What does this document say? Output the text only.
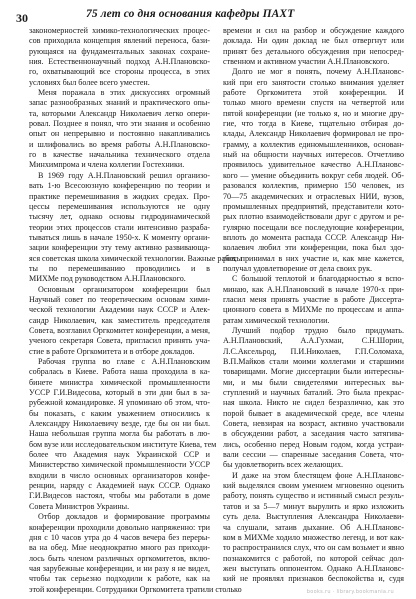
30	75 лет со дня основания кафедры ПАХТ
закономерностей химико-технологических процес-
сов приходила концепция явлений переноса, бази-
рующаяся на фундаментальных законах сохране-
ния. Естественнонаучный подход А.Н.Плановско-
го, охватывающий все стороны процесса, в этих
условиях был более всего уместен.
Меня поражала в этих дискуссиях огромный
запас разнообразных знаний и практического опы-
та, которыми Александр Николаевич легко опери-
ровал. Позднее я понял, что эти знания и особенно
опыт он непрерывно и постоянно накапливались
и шлифовались во время работы А.Н.Плановско-
го в качестве начальника технического отдела
Минхимпрома и члена коллегии Гостехники.
В 1969 году А.Н.Плановский решил организо-
вать 1-ю Всесоюзную конференцию по теории и
практике перемешивания в жидких средах. Про-
цессы перемешивания используются не одну
тысячу лет, однако основы гидродинамической
теории этих процессов стали интенсивно разраба-
тываться лишь в начале 1950-х. К моменту органи-
зации конференции эту тему активно развивающа-
яся советская школа химической технологии. Важные работы
ты по перемешиванию проводились и в
МИХМе под руководством А.Н.Плановского.
Основным организатором конференции был
Научный совет по теоретическим основам хими-
ческой технологии Академии наук СССР и Алек-
сандр Николаевич, как заместитель председателя
Совета, возглавил Оргкомитет конференции, а меня,
ученого секретаря Совета, пригласил принять уча-
стие в работе Оргкомитета и в отборе докладов.
Рабочая группа во главе с А.Н.Плановским
собралась в Киеве. Работа наша проходила в ка-
бинете министра химической промышленности
УССР Г.И.Видесова, который в эти дни был в за-
рубежной командировке. Я упоминаю об этом, что-
бы показать, с каким уважением относились к
Александру Николаевичу везде, где бы он ни был.
Наша небольшая группа могла бы работать в лю-
бом вузе или исследовательском институте Киева, тем
более что Академия наук Украинской ССР и
Министерство химической промышленности УССР
входили в число основных организаторов конфе-
ренции, наряду с Академией наук СССР. Однако
Г.И.Видесов настоял, чтобы мы работали в доме
Совета Министров Украины.
Отбор докладов и формирование программы
конференции проходили довольно напряженно: три
дня с 10 часов утра до 4 часов вечера без переры-
ва на обед. Мне неоднократно много раз приходи-
лось быть членом различных оргкомитетов, вклю-
чая зарубежные конференции, и ни разу я не видел,
чтобы так серьезно подходили к работе, как на
этой конференции. Сотрудники Оргкомитета тратили столько
времени и сил на разбор и обсуждение каждого
доклада. Ни один доклад не был отвергнут или
принят без детального обсуждения при непосред-
ственном и активном участии А.Н.Плановского.
Долго не мог я понять, почему А.Н.Плановс-
кий при его занятости столько внимания уделяет
работе Оргкомитета этой конференции. И
только много времени спустя на четвертой или
пятой конференции (не только я, но и многие дру-
гие, что тогда в Киеве, тщательно отбирая до-
клады, Александр Николаевич формировал не про-
грамму, а коллектив единомышленников, основан-
ный на общности научных интересов. Отчетливо
проявилось удивительное качество А.Н.Плановс-
кого — умение объединить вокруг себя людей. Об-
разовался коллектив, примерно 150 человек, из
70—75 академических и отраслевых НИИ, вузов,
промышленных предприятий, представители кото-
рых плотно взаимодействовали друг с другом и ре-
гулярно посещали все последующие конференции,
вплоть до момента распада СССР. Александр Ни-
колаевич любил эти конференции, пока был здо-
ров, принимал в них участие и, как мне кажется,
получал удовлетворение от дела своих рук.
С большой теплотой и благодарностью я вспо-
минаю, как А.Н.Плановский в начале 1970-х при-
гласил меня принять участие в работе Диссерта-
ционного совета в МИХМе по процессам и аппа-
ратам химической технологии.
Лучший подбор трудно было придумать.
А.Н.Плановский, А.А.Гухман, С.Н.Шорин,
Л.С.Аксельрод, П.И.Николаев, Г.П.Соломаха,
В.П.Майков стали моими коллегами и старшими
товарищами. Могие диссертации были интересны-
ми, и мы были свидетелями интересных вы-
ступлений и научных баталий. Это была прекрас-
ная школа. Никто не сидел безразлично, как это
порой бывает в академической среде, все члены
Совета, невзирая на возраст, активно участвовали
в обсуждении работ, а заседания часто затягива-
лись, особенно перед Новым годом, когда устраи-
вали сессии — спаренные заседания Совета, что-
бы удовлетворить всех желающих.
И даже на этом блестящем фоне А.Н.Плановс-
кий выделялся своим умением мгновенно оценить
работу, понять существо и истинный смысл резуль-
татов и за 5—7 минут вырулить и ярко изложить
суть дела. Выступления Александра Николаеви-
ча слушали, затаив дыхание. Об А.Н.Плановс-
ком в МИХМе ходило множество легенд, и вот как-
то распространился слух, что он сам возьмет и явно
познакомится с работой, по которой сейчас дол-
жен выступать оппонентом. Однако А.Н.Плановс-
кий не проявлял признаков беспокойства и, судя
books.ru · library.bookmania.ru
